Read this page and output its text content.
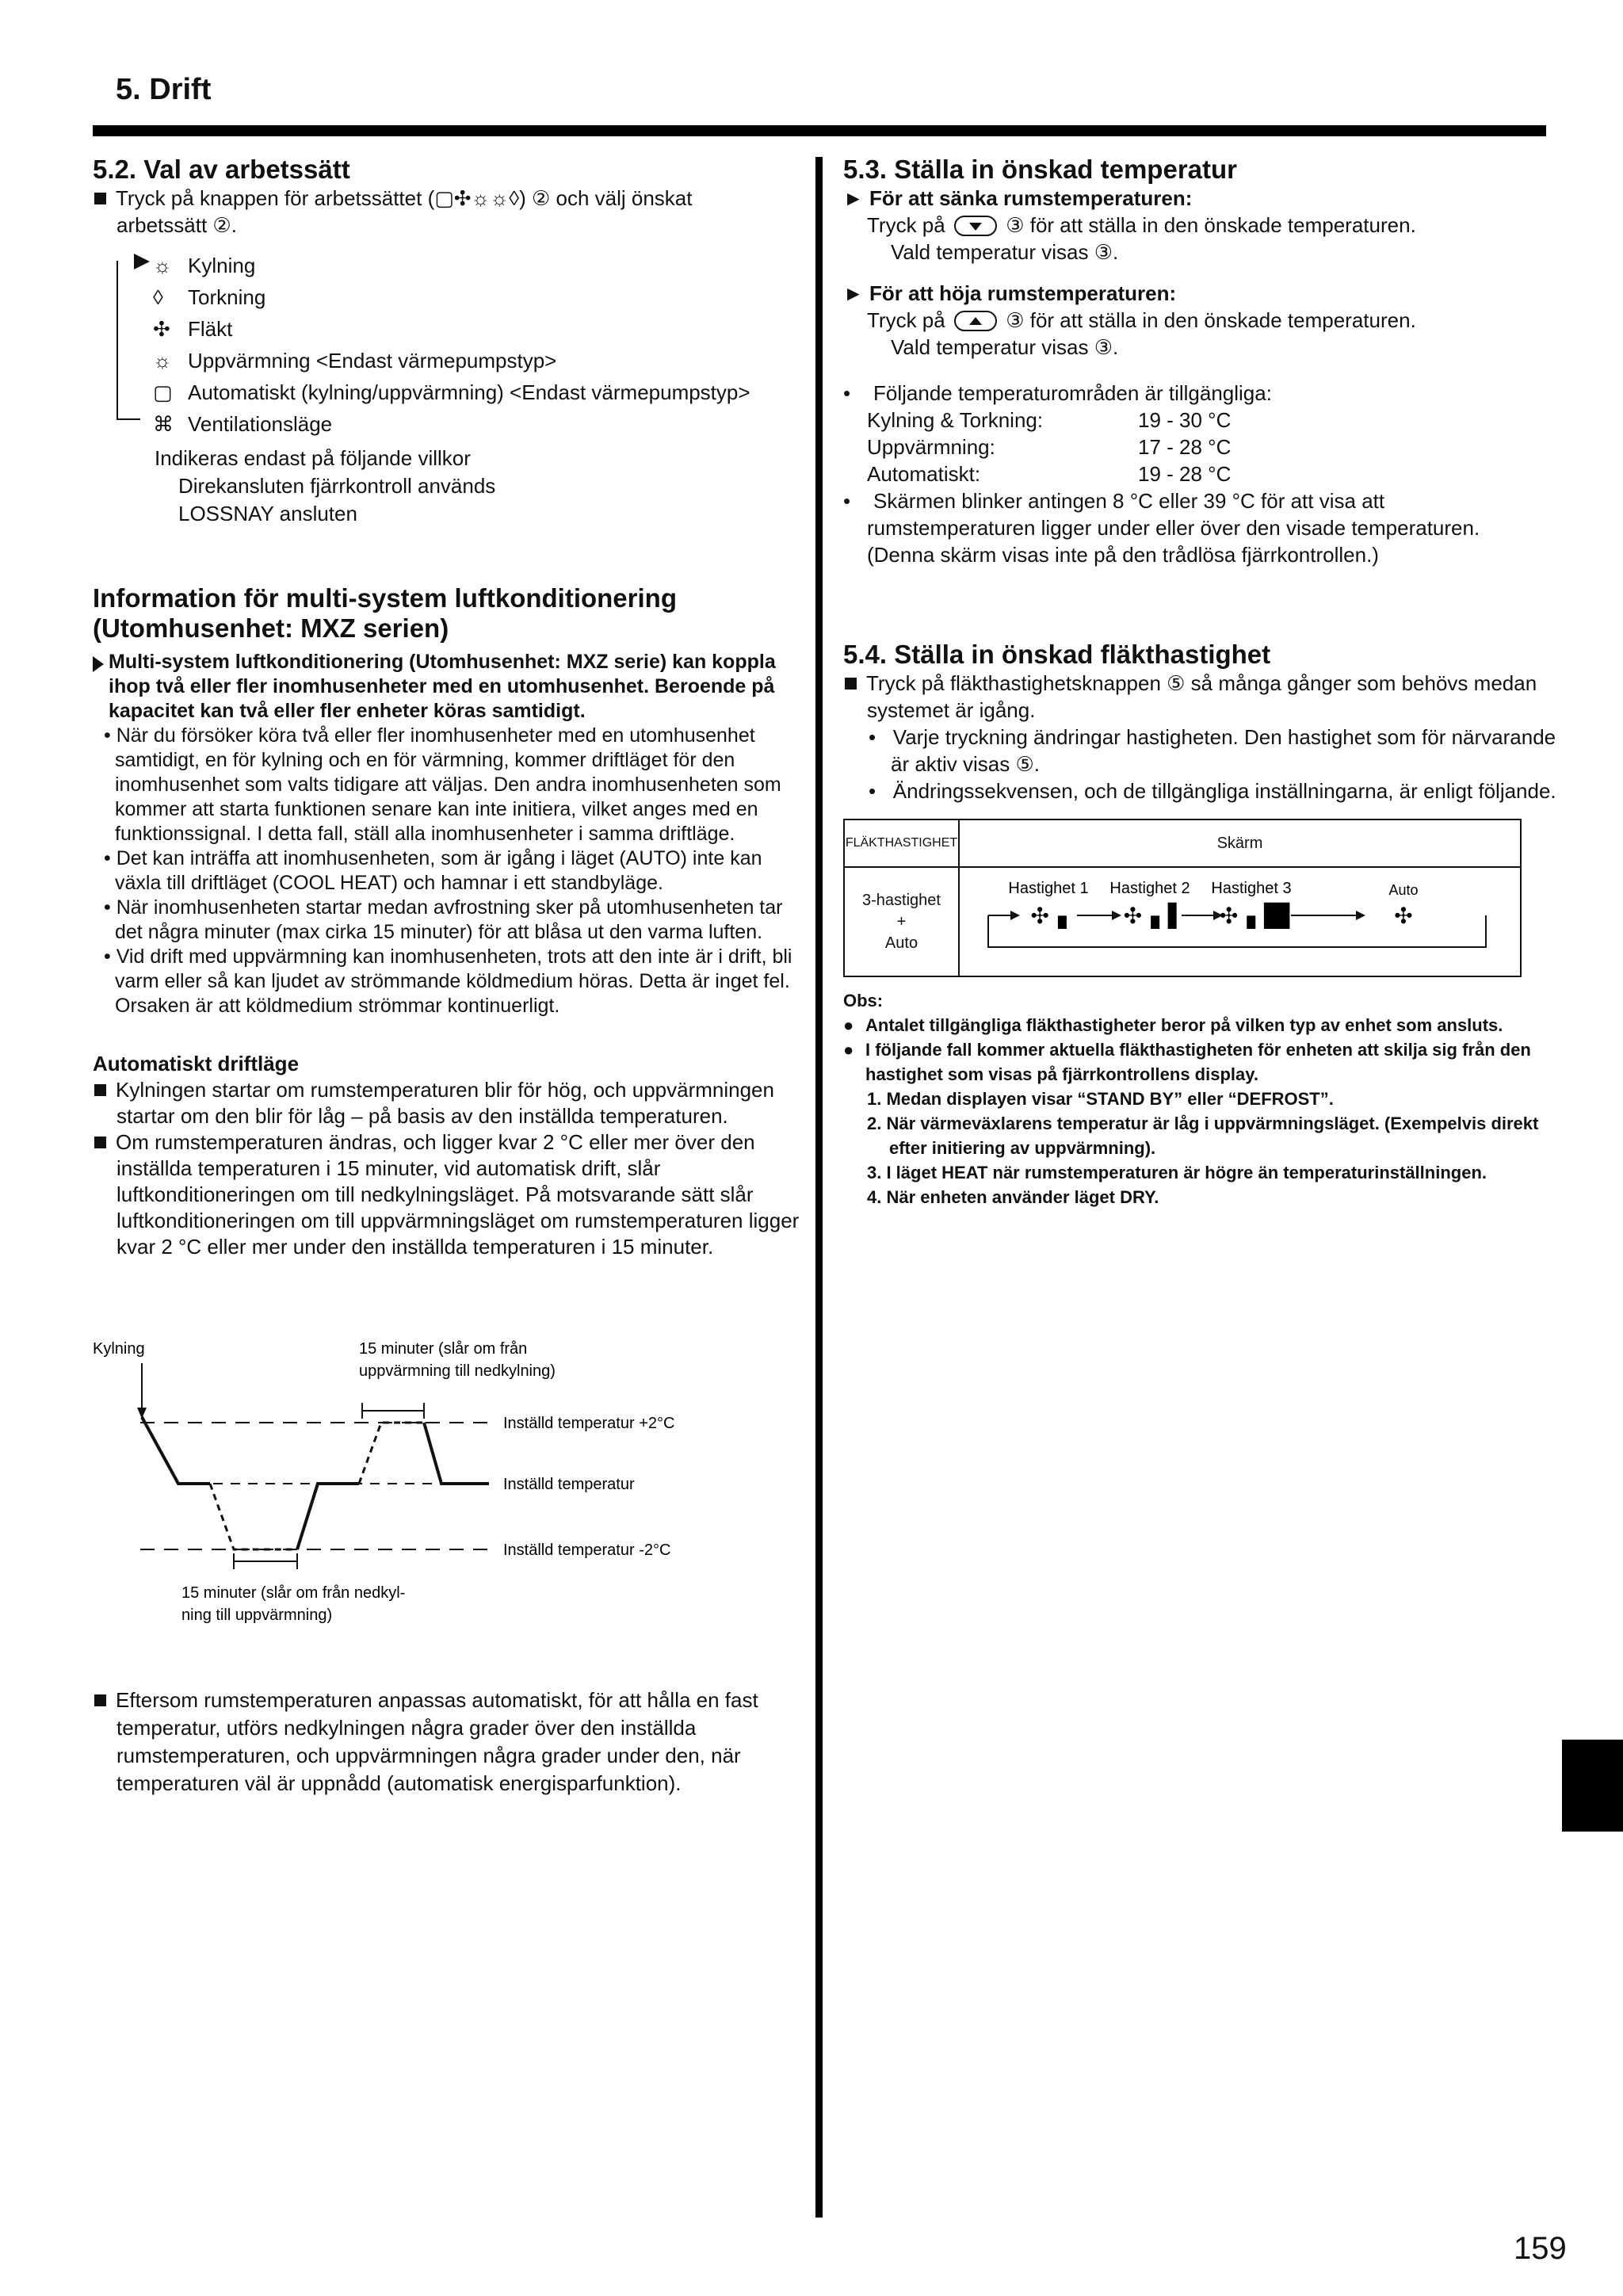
5. Drift
159
5.2. Val av arbetssätt

Tryck på knappen för arbetssättet (▢✣☼☼◊) ② och välj önskat

arbetssätt ②.

☼ Kylning
◊	Torkning
✣ Fläkt
☼ Uppvärmning <Endast värmepumpstyp>
▢ Automatiskt (kylning/uppvärmning) <Endast värmepumpstyp>
⌘ Ventilationsläge

Indikeras endast på följande villkor

Direkansluten fjärrkontroll används

LOSSNAY ansluten

Information för multi-system luftkonditionering (Utomhusenhet: MXZ serien)
Multi-system luftkonditionering (Utomhusenhet: MXZ serie) kan koppla ihop två eller fler inomhusenheter med en utomhusenhet. Beroende på kapacitet kan två eller fler enheter köras samtidigt.

• När du försöker köra två eller fler inomhusenheter med en utomhusenhet samtidigt, en för kylning och en för värmning, kommer driftläget för den inomhusenhet som valts tidigare att väljas. Den andra inomhusenheten som kommer att starta funktionen senare kan inte initiera, vilket anges med en funktionssignal. I detta fall, ställ alla inomhusenheter i samma driftläge.

• Det kan inträffa att inomhusenheten, som är igång i läget (AUTO) inte kan växla till driftläget (COOL HEAT) och hamnar i ett standbyläge.

• När inomhusenheten startar medan avfrostning sker på utomhusenheten tar det några minuter (max cirka 15 minuter) för att blåsa ut den varma luften.

• Vid drift med uppvärmning kan inomhusenheten, trots att den inte är i drift, bli varm eller så kan ljudet av strömmande köldmedium höras. Detta är inget fel. Orsaken är att köldmedium strömmar kontinuerligt.

Automatiskt driftläge

Kylningen startar om rumstemperaturen blir för hög, och uppvärmningen startar om den blir för låg – på basis av den inställda temperaturen.

Om rumstemperaturen ändras, och ligger kvar 2 °C eller mer över den inställda temperaturen i 15 minuter, vid automatisk drift, slår luftkonditioneringen om till nedkylningsläget. På motsvarande sätt slår luftkonditioneringen om till uppvärmningsläget om rumstemperaturen ligger kvar 2 °C eller mer under den inställda temperaturen i 15 minuter.

Kylning	15 minuter (slår om från
uppvärmning till nedkylning)
Inställd temperatur +2°C
Inställd temperatur
Inställd temperatur -2°C
15 minuter (slår om från nedkyl-
ning till uppvärmning)
Eftersom rumstemperaturen anpassas automatiskt, för att hålla en fast temperatur, utförs nedkylningen några grader över den inställda rumstemperaturen, och uppvärmningen några grader under den, när temperaturen väl är uppnådd (automatisk energisparfunktion).
5.3. Ställa in önskad temperatur

► För att sänka rumstemperaturen:

Tryck på	③ för att ställa in den önskade temperaturen.

Vald temperatur visas ③.

► För att höja rumstemperaturen:

Tryck på	③ för att ställa in den önskade temperaturen.

Vald temperatur visas ③.

•    Följande temperaturområden är tillgängliga:

Kylning & Torkning:	19 - 30 °C
Uppvärmning:	17 - 28 °C
Automatiskt:	19 - 28 °C

•    Skärmen blinker antingen 8 °C eller 39 °C för att visa att rumstemperaturen ligger under eller över den visade temperaturen.

(Denna skärm visas inte på den trådlösa fjärrkontrollen.)

5.4. Ställa in önskad fläkthastighet

Tryck på fläkthastighetsknappen ⑤ så många gånger som behövs medan systemet är igång.

•   Varje tryckning ändringar hastigheten. Den hastighet som för närvarande är aktiv visas ⑤.

•   Ändringssekvensen, och de tillgängliga inställningarna, är enligt följande.

FLÄKTHASTIGHET	Skärm
3-hastighet
+
Auto
Hastighet 1 Hastighet 2 Hastighet 3	Auto
✣▗	✣▗▐ ✣▗▐█	✣

Obs:

● Antalet tillgängliga fläkthastigheter beror på vilken typ av enhet som ansluts.

● I följande fall kommer aktuella fläkthastigheten för enheten att skilja sig från den hastighet som visas på fjärrkontrollens display.

1. Medan displayen visar “STAND BY” eller “DEFROST”.

2. När värmeväxlarens temperatur är låg i uppvärmningsläget. (Exempelvis direkt efter initiering av uppvärmning).

3. I läget HEAT när rumstemperaturen är högre än temperaturinställningen.

4. När enheten använder läget DRY.
